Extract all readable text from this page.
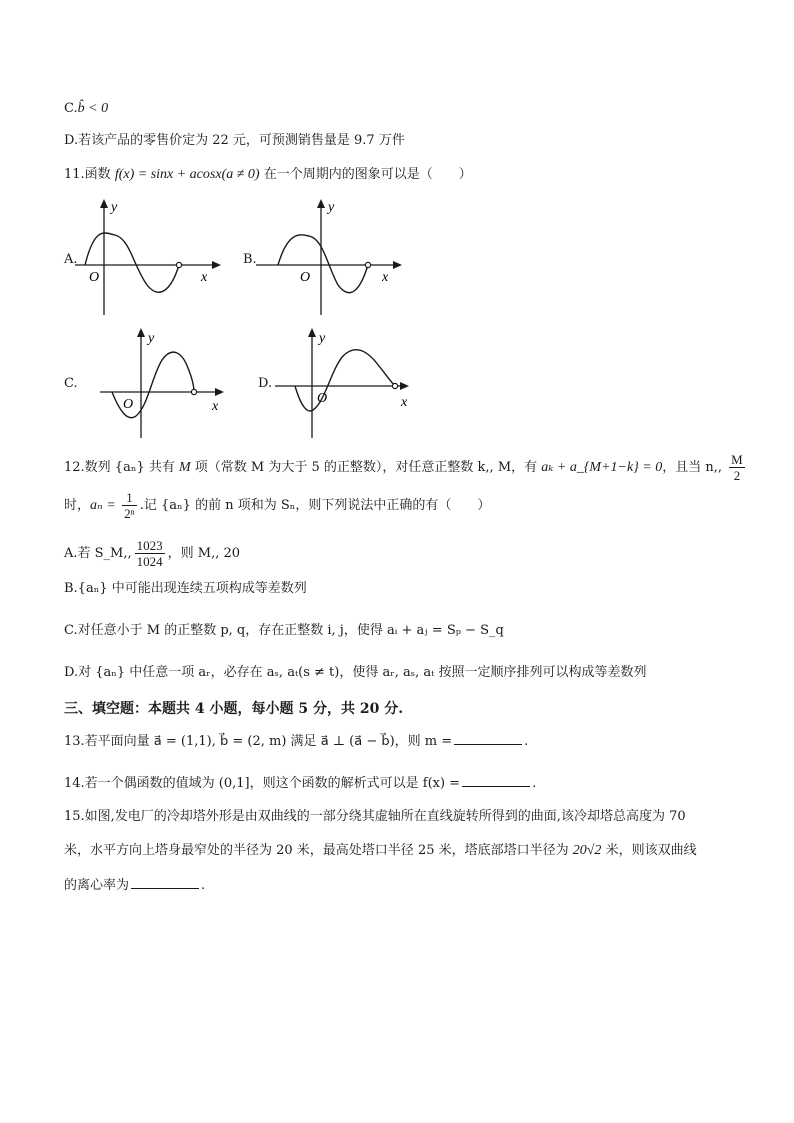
C.b̂ < 0
D.若该产品的零售价定为 22 元，可预测销售量是 9.7 万件
11.函数 f(x) = sinx + acosx(a ≠ 0) 在一个周期内的图象可以是（　　）
A.	B.
C.	D.
y
x
O
y
x
O
y
x
O
y
x
O
12.数列 {aₙ} 共有 M 项（常数 M 为大于 5 的正整数），对任意正整数 k,, M，有 aₖ + a_{M+1−k} = 0，且当 n,, $\frac{M}{2}$
时，$a_n = \frac{1}{\text{2ⁿ}}$ .记 {aₙ} 的前 n 项和为 Sₙ，则下列说法中正确的有（　　）
A.若 S_M,, $\frac{1023}{1024}$ ，则 M,, 20
B.{aₙ} 中可能出现连续五项构成等差数列
C.对任意小于 M 的正整数 p, q，存在正整数 i, j，使得 aᵢ + aⱼ = Sₚ − S_q
D.对 {aₙ} 中任意一项 aᵣ，必存在 aₛ, aₜ(s ≠ t)，使得 aᵣ, aₛ, aₜ 按照一定顺序排列可以构成等差数列
三、填空题：本题共 4 小题，每小题 5 分，共 20 分.
13.若平面向量 a⃗ = (1,1), b⃗ = (2, m) 满足 a⃗ ⊥ (a⃗ − b⃗)，则 m =	.
14.若一个偶函数的值域为 (0,1]，则这个函数的解析式可以是 f(x) =	.
15.如图,发电厂的冷却塔外形是由双曲线的一部分绕其虚轴所在直线旋转所得到的曲面,该冷却塔总高度为 70
米，水平方向上塔身最窄处的半径为 20 米，最高处塔口半径 25 米，塔底部塔口半径为 20√2 米，则该双曲线
的离心率为	.
